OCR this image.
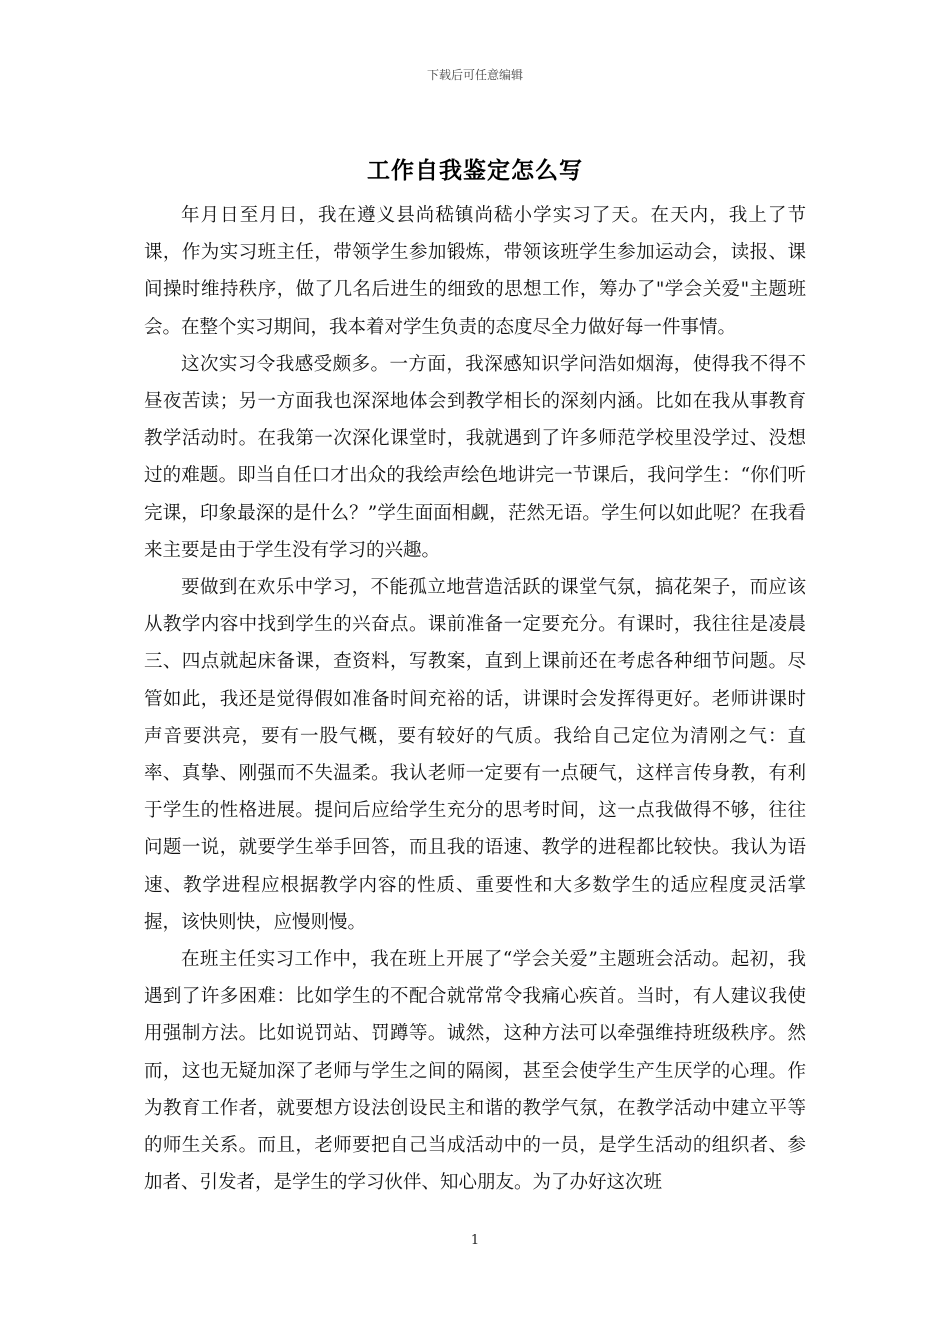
下载后可任意编辑
工作自我鉴定怎么写

年月日至月日，我在遵义县尚嵇镇尚嵇小学实习了天。在天内，我上了节课，作为实习班主任，带领学生参加锻炼，带领该班学生参加运动会，读报、课间操时维持秩序，做了几名后进生的细致的思想工作，筹办了"学会关爱"主题班会。在整个实习期间，我本着对学生负责的态度尽全力做好每一件事情。

这次实习令我感受颇多。一方面，我深感知识学问浩如烟海，使得我不得不昼夜苦读；另一方面我也深深地体会到教学相长的深刻内涵。比如在我从事教育教学活动时。在我第一次深化课堂时，我就遇到了许多师范学校里没学过、没想过的难题。即当自任口才出众的我绘声绘色地讲完一节课后，我问学生：“你们听完课，印象最深的是什么？”学生面面相觑，茫然无语。学生何以如此呢？在我看来主要是由于学生没有学习的兴趣。

要做到在欢乐中学习，不能孤立地营造活跃的课堂气氛，搞花架子，而应该从教学内容中找到学生的兴奋点。课前准备一定要充分。有课时，我往往是凌晨三、四点就起床备课，查资料，写教案，直到上课前还在考虑各种细节问题。尽管如此，我还是觉得假如准备时间充裕的话，讲课时会发挥得更好。老师讲课时声音要洪亮，要有一股气概，要有较好的气质。我给自己定位为清刚之气：直率、真挚、刚强而不失温柔。我认老师一定要有一点硬气，这样言传身教，有利于学生的性格进展。提问后应给学生充分的思考时间，这一点我做得不够，往往问题一说，就要学生举手回答，而且我的语速、教学的进程都比较快。我认为语速、教学进程应根据教学内容的性质、重要性和大多数学生的适应程度灵活掌握，该快则快，应慢则慢。

在班主任实习工作中，我在班上开展了“学会关爱”主题班会活动。起初，我遇到了许多困难：比如学生的不配合就常常令我痛心疾首。当时，有人建议我使用强制方法。比如说罚站、罚蹲等。诚然，这种方法可以牵强维持班级秩序。然而，这也无疑加深了老师与学生之间的隔阂，甚至会使学生产生厌学的心理。作为教育工作者，就要想方设法创设民主和谐的教学气氛，在教学活动中建立平等的师生关系。而且，老师要把自己当成活动中的一员，是学生活动的组织者、参加者、引发者，是学生的学习伙伴、知心朋友。为了办好这次班

1
